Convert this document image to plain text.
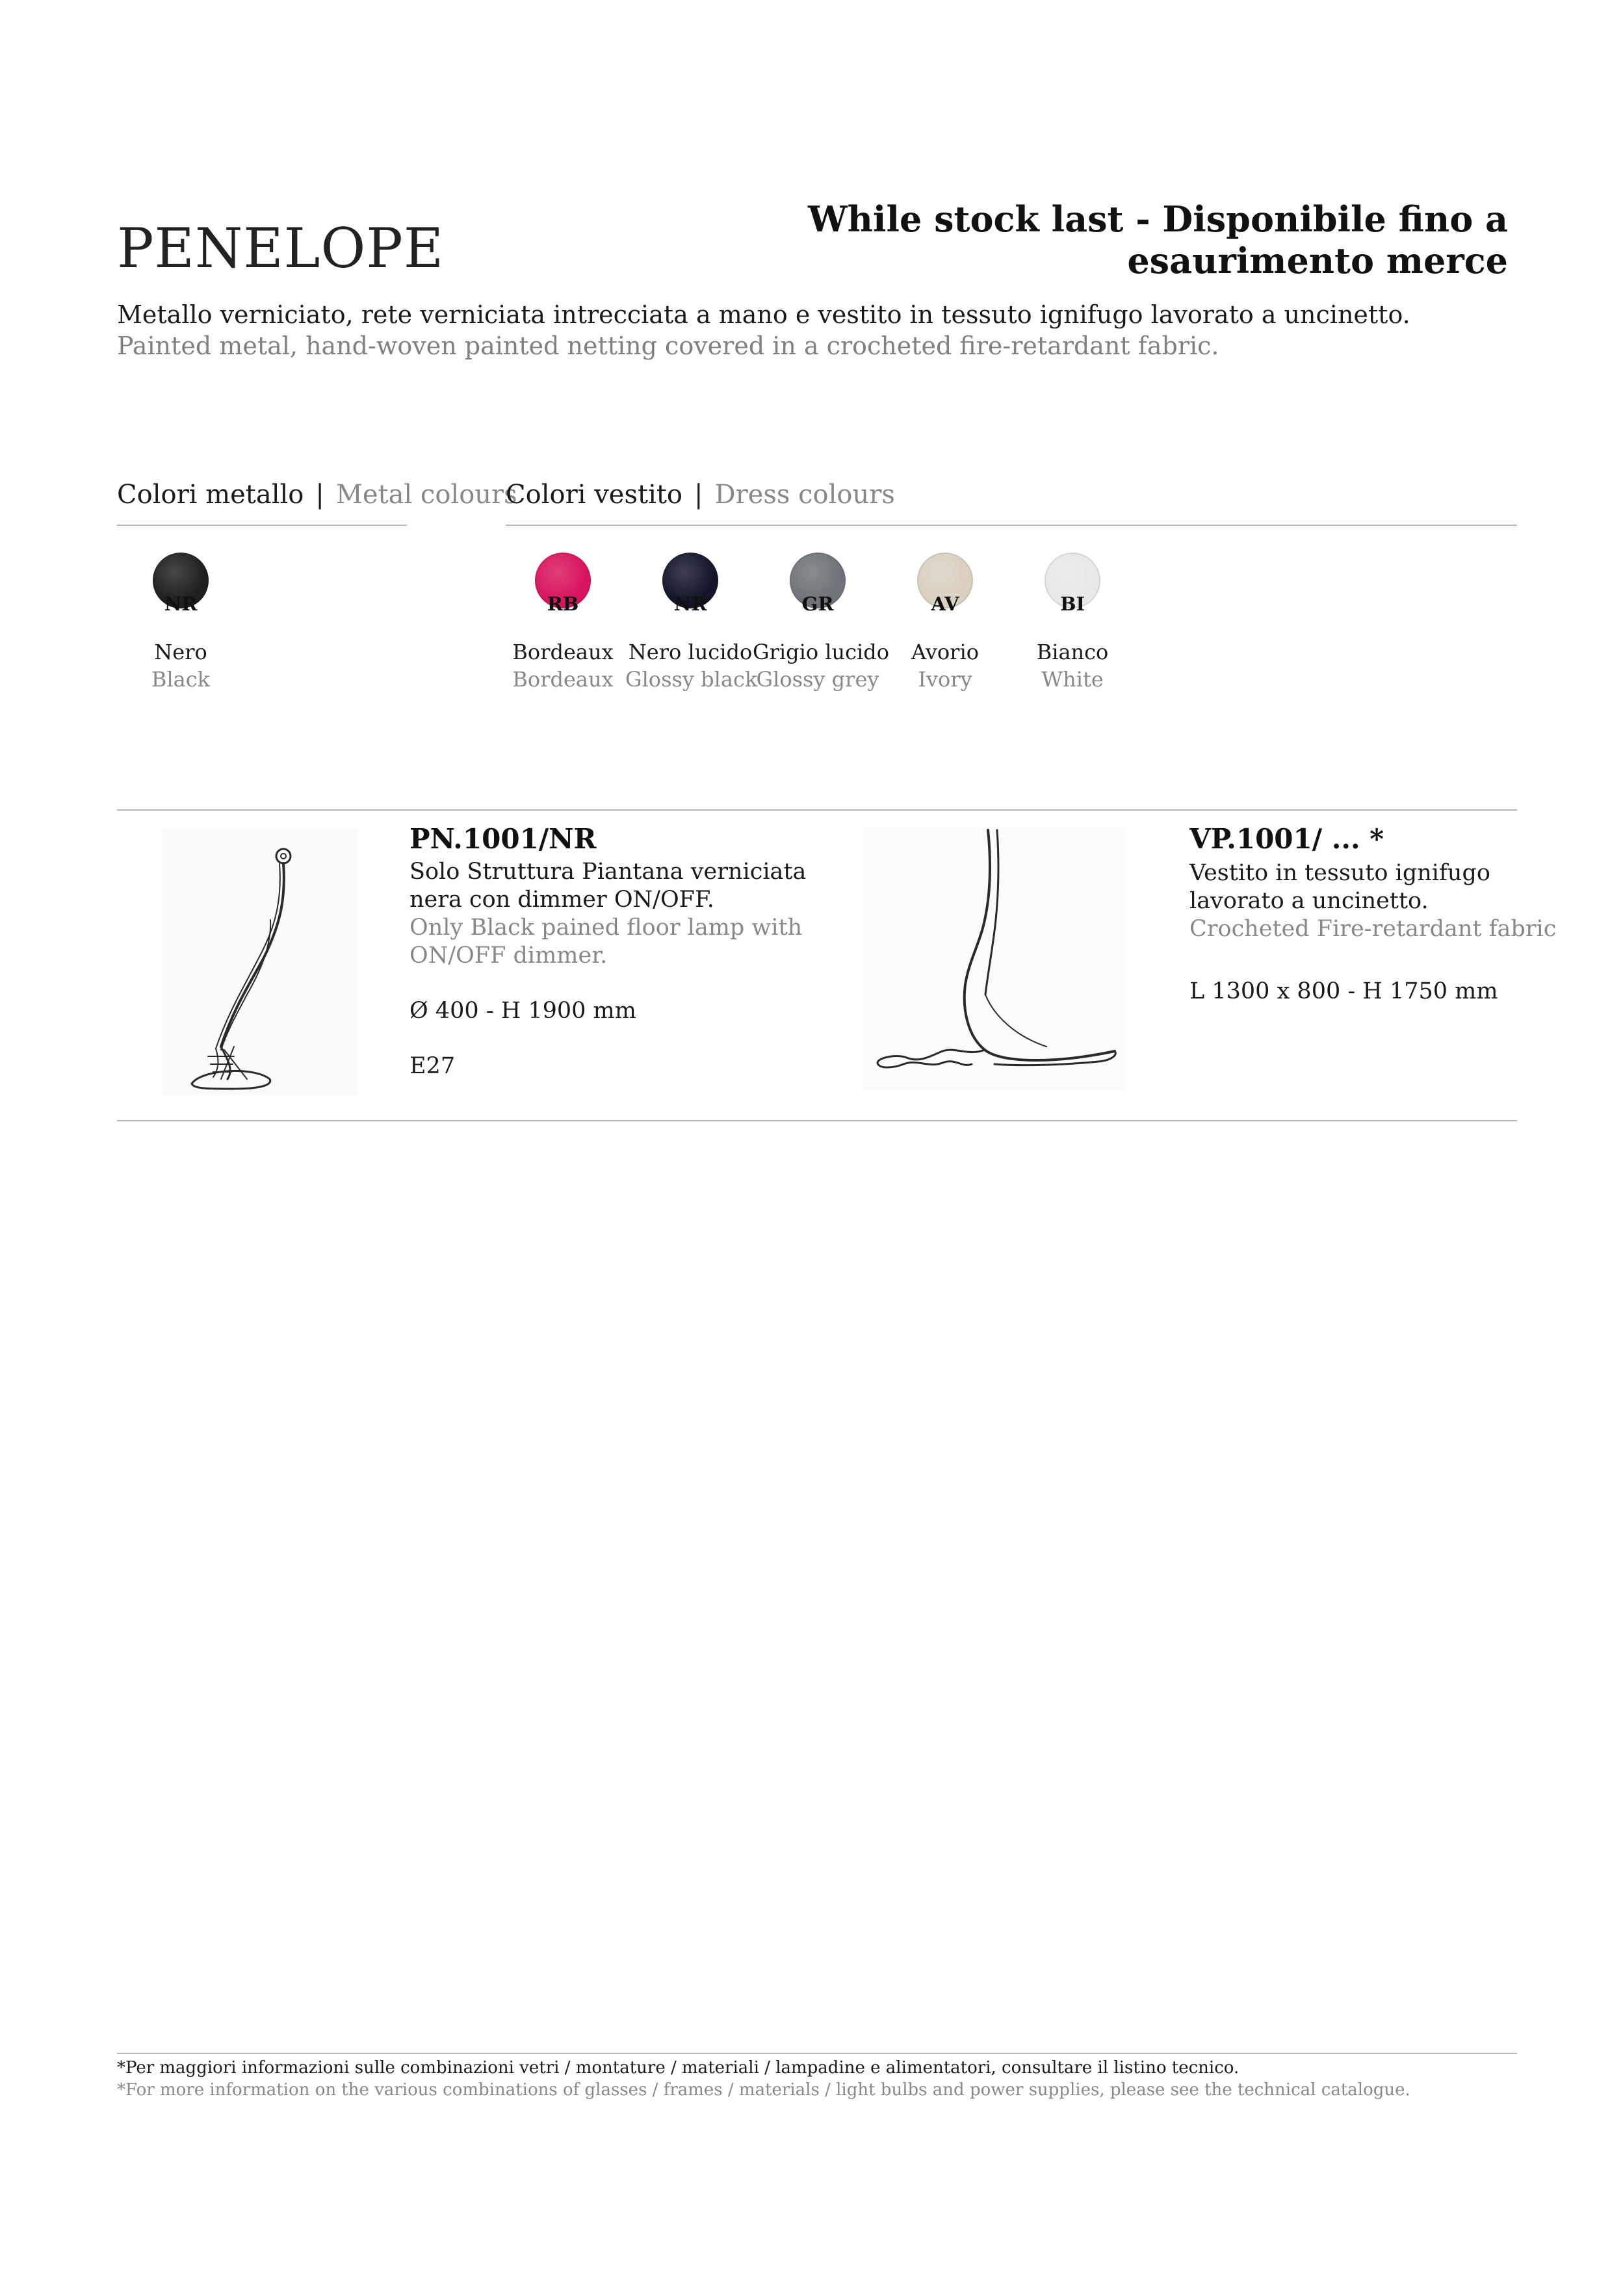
PENELOPE	While stock last - Disponibile fino a esaurimento merce
Metallo verniciato, rete verniciata intrecciata a mano e vestito in tessuto ignifugo lavorato a uncinetto.
Painted metal, hand-woven painted netting covered in a crocheted fire-retardant fabric.
Colori metallo | Metal colours
NR
Nero
Black
Colori vestito | Dress colours
RB
Bordeaux
Bordeaux
NR
Nero lucido
Glossy black
GR
Grigio lucido
Glossy grey
AV
Avorio
Ivory
BI
Bianco
White
PN.1001/NR
Solo Struttura Piantana verniciata
nera con dimmer ON/OFF.
Only Black pained floor lamp with
ON/OFF dimmer.
Ø 400 - H 1900 mm
E27
VP.1001/ ... *
Vestito in tessuto ignifugo
lavorato a uncinetto.
Crocheted Fire-retardant fabric
L 1300 x 800 - H 1750 mm
*Per maggiori informazioni sulle combinazioni vetri / montature / materiali / lampadine e alimentatori, consultare il listino tecnico.
*For more information on the various combinations of glasses / frames / materials / light bulbs and power supplies, please see the technical catalogue.
